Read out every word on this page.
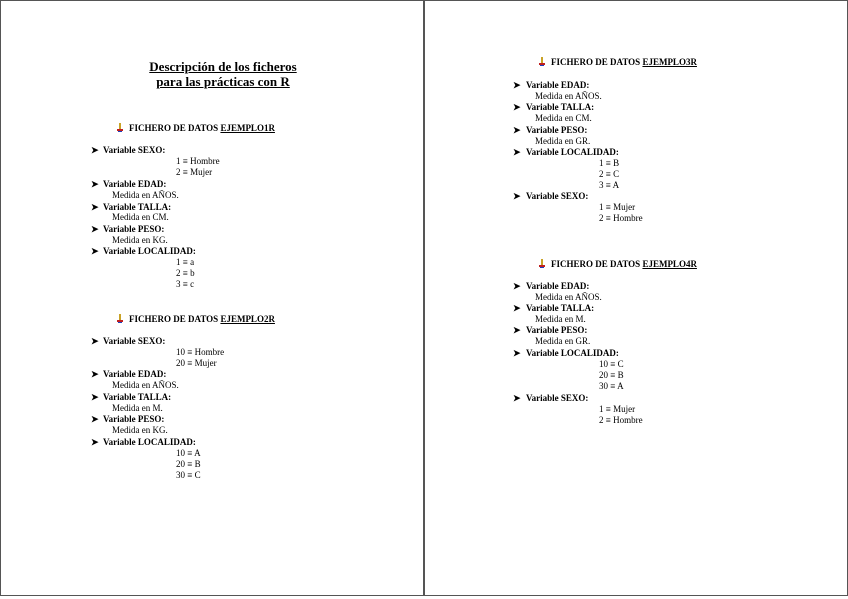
Descripción de los ficheros
para las prácticas con R
FICHERO DE DATOS EJEMPLO1R
➤ Variable SEXO:
1 ≡ Hombre
2 ≡ Mujer
➤ Variable EDAD:
Medida en AÑOS.
➤ Variable TALLA:
Medida en CM.
➤ Variable PESO:
Medida en KG.
➤ Variable LOCALIDAD:
1 ≡ a
2 ≡ b
3 ≡ c
FICHERO DE DATOS EJEMPLO2R
➤ Variable SEXO:
10 ≡ Hombre
20 ≡ Mujer
➤ Variable EDAD:
Medida en AÑOS.
➤ Variable TALLA:
Medida en M.
➤ Variable PESO:
Medida en KG.
➤ Variable LOCALIDAD:
10 ≡ A
20 ≡ B
30 ≡ C
FICHERO DE DATOS EJEMPLO3R
➤ Variable EDAD:
Medida en AÑOS.
➤ Variable TALLA:
Medida en CM.
➤ Variable PESO:
Medida en GR.
➤ Variable LOCALIDAD:
1 ≡ B
2 ≡ C
3 ≡ A
➤ Variable SEXO:
1 ≡ Mujer
2 ≡ Hombre
FICHERO DE DATOS EJEMPLO4R
➤ Variable EDAD:
Medida en AÑOS.
➤ Variable TALLA:
Medida en M.
➤ Variable PESO:
Medida en GR.
➤ Variable LOCALIDAD:
10 ≡ C
20 ≡ B
30 ≡ A
➤ Variable SEXO:
1 ≡ Mujer
2 ≡ Hombre
